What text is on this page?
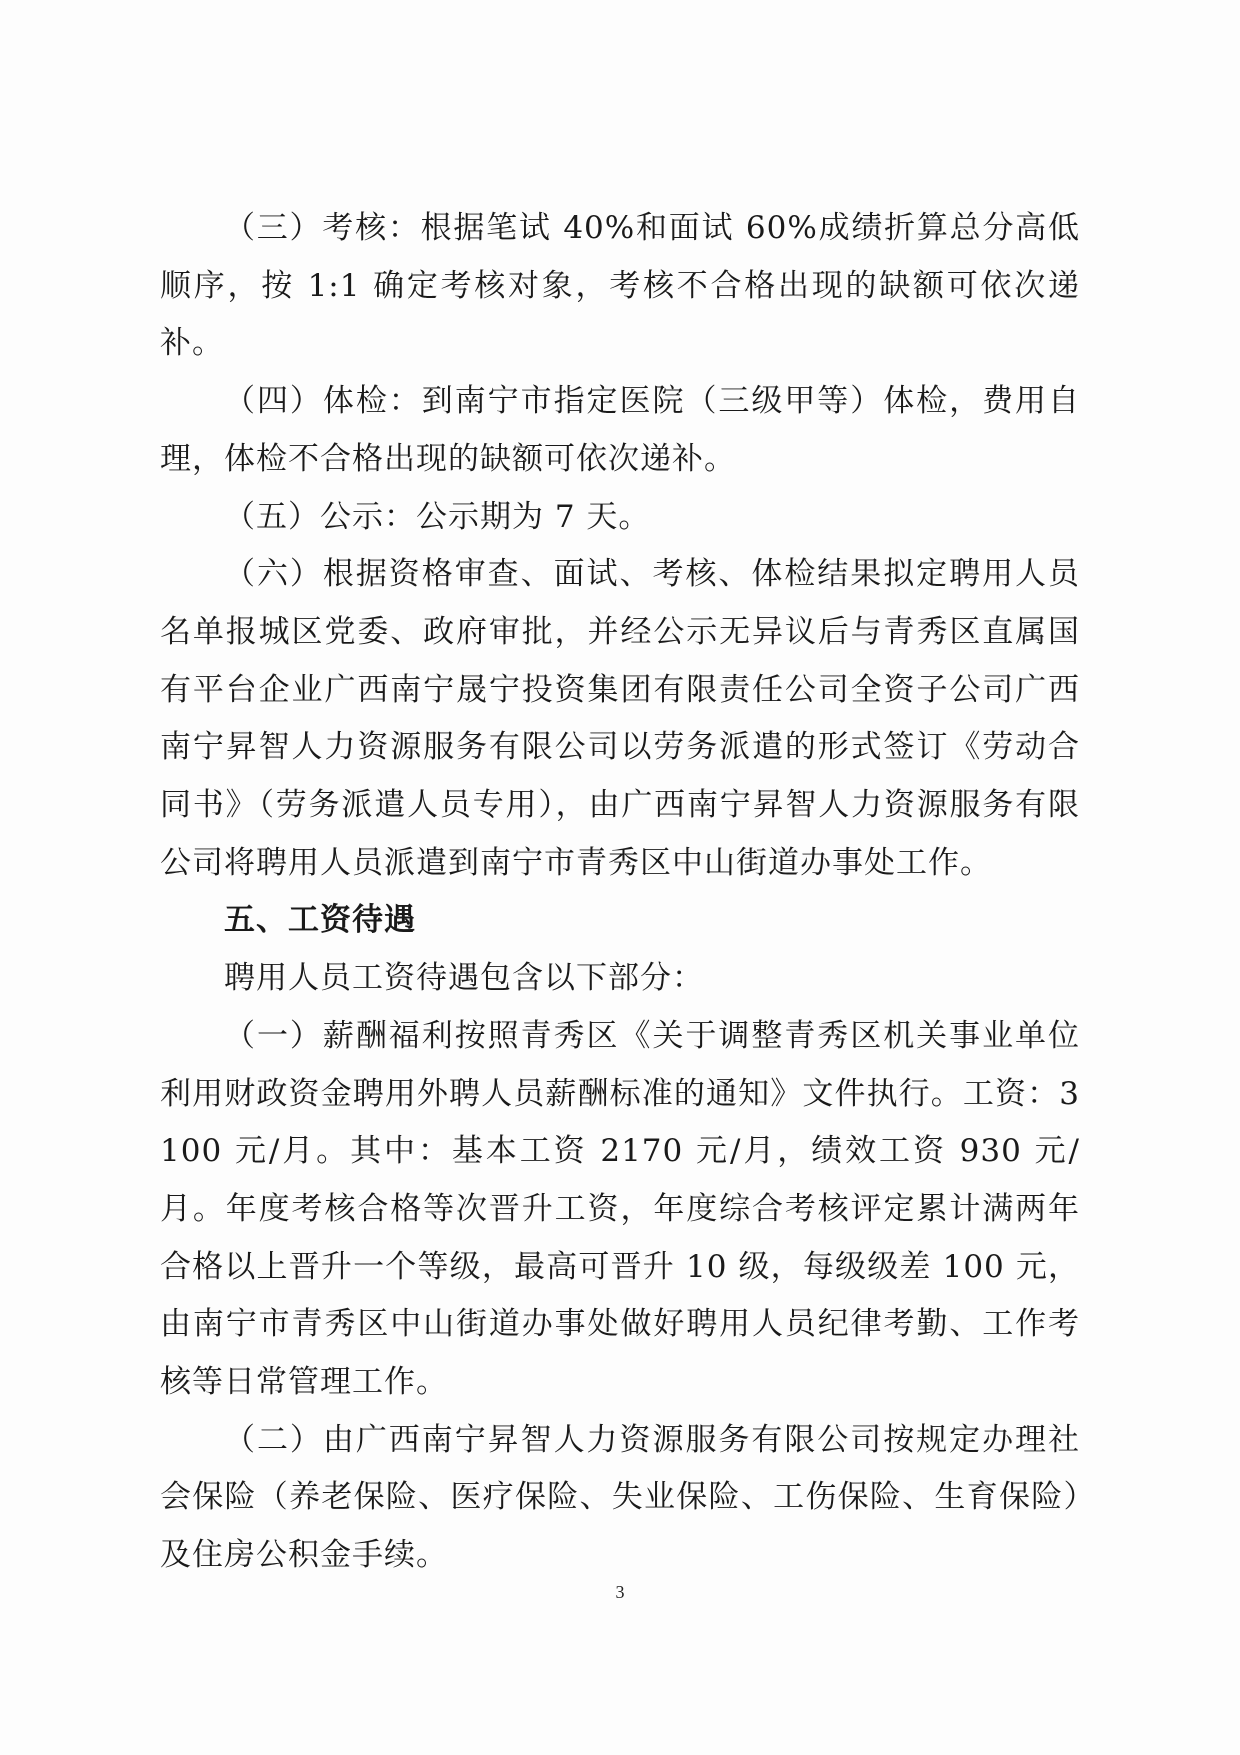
（三）考核：根据笔试 40%和面试 60%成绩折算总分高低顺序，按 1:1 确定考核对象，考核不合格出现的缺额可依次递补。

（四）体检：到南宁市指定医院（三级甲等）体检，费用自理，体检不合格出现的缺额可依次递补。

（五）公示：公示期为 7 天。

（六）根据资格审查、面试、考核、体检结果拟定聘用人员名单报城区党委、政府审批，并经公示无异议后与青秀区直属国有平台企业广西南宁晟宁投资集团有限责任公司全资子公司广西南宁昇智人力资源服务有限公司以劳务派遣的形式签订《劳动合同书》（劳务派遣人员专用），由广西南宁昇智人力资源服务有限公司将聘用人员派遣到南宁市青秀区中山街道办事处工作。

五、工资待遇

聘用人员工资待遇包含以下部分：

（一）薪酬福利按照青秀区《关于调整青秀区机关事业单位利用财政资金聘用外聘人员薪酬标准的通知》文件执行。工资：3100 元/月。其中：基本工资 2170 元/月，绩效工资 930 元/月。年度考核合格等次晋升工资，年度综合考核评定累计满两年合格以上晋升一个等级，最高可晋升 10 级，每级级差 100 元，由南宁市青秀区中山街道办事处做好聘用人员纪律考勤、工作考核等日常管理工作。

（二）由广西南宁昇智人力资源服务有限公司按规定办理社会保险（养老保险、医疗保险、失业保险、工伤保险、生育保险）及住房公积金手续。

3
